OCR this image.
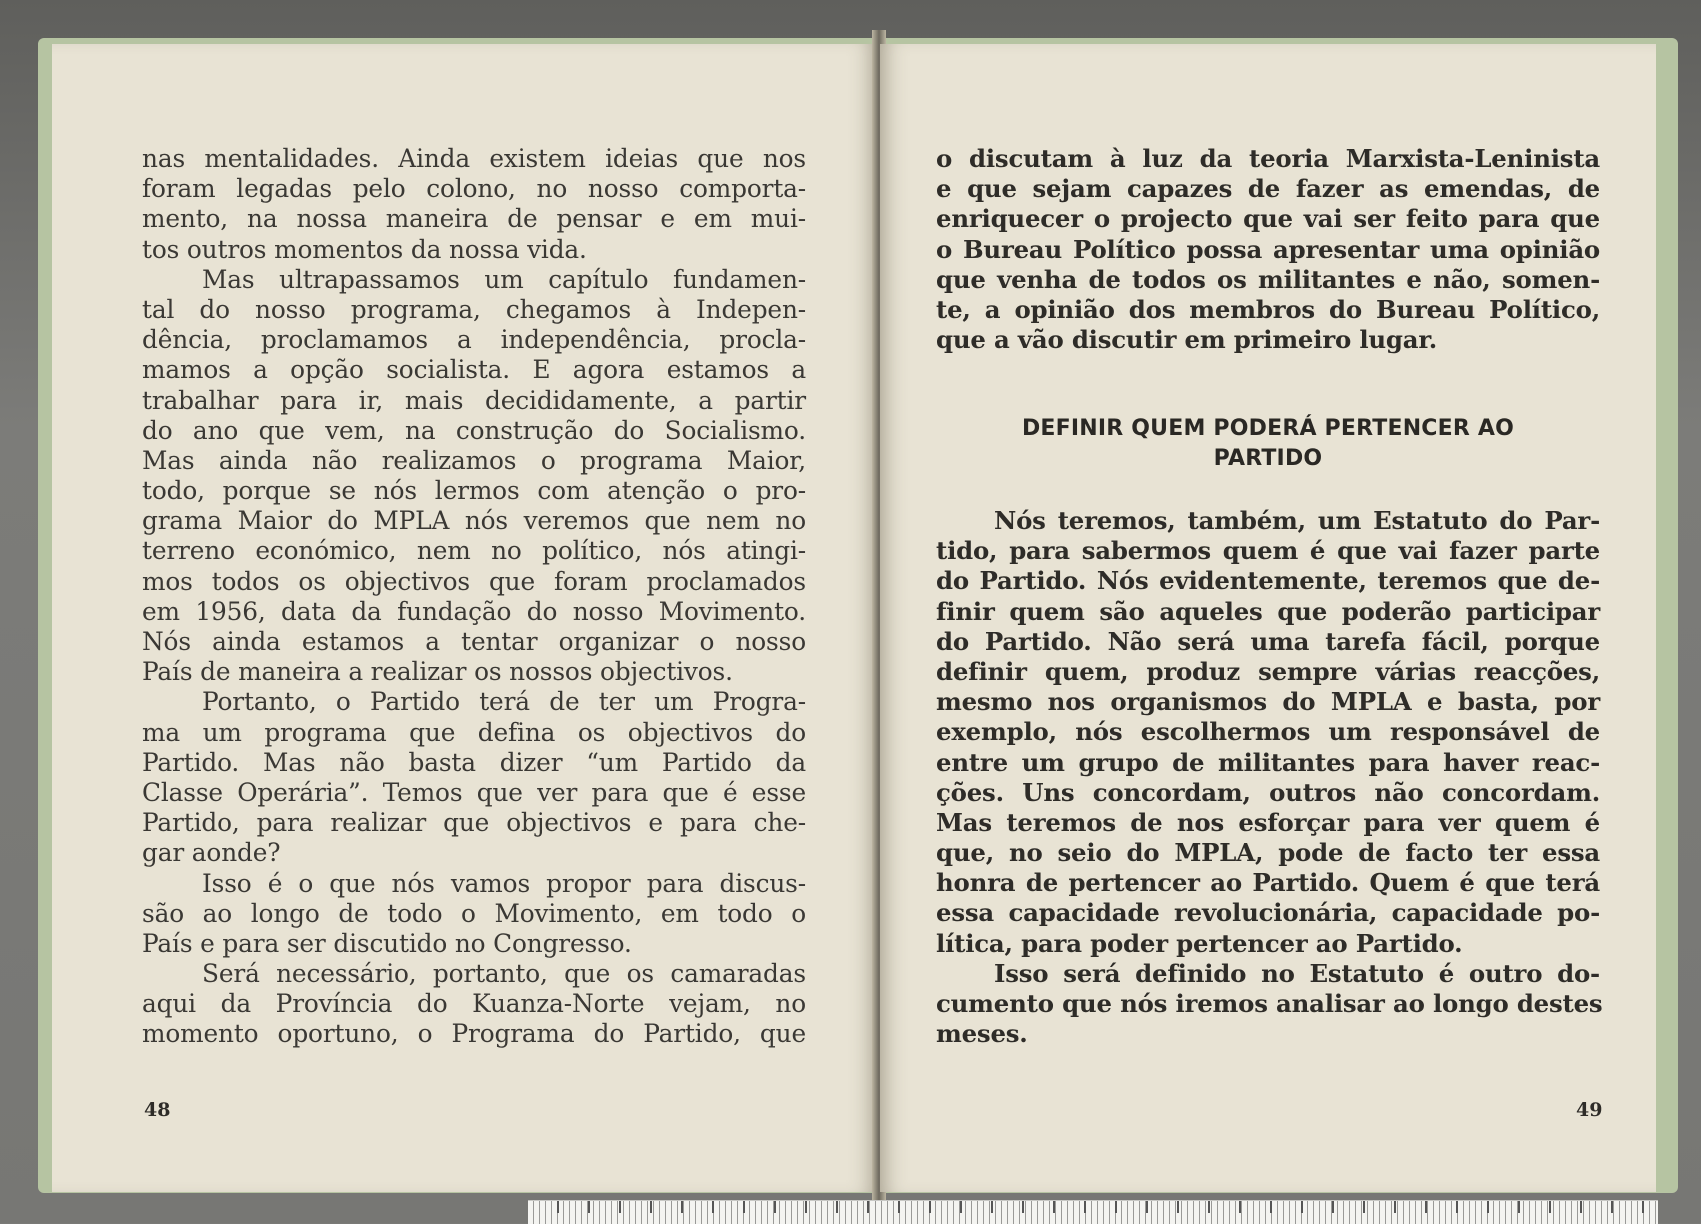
nas mentalidades. Ainda existem ideias que nos
foram legadas pelo colono, no nosso comporta-
mento, na nossa maneira de pensar e em mui-
tos outros momentos da nossa vida.
Mas ultrapassamos um capítulo fundamen-
tal do nosso programa, chegamos à Indepen-
dência, proclamamos a independência, procla-
mamos a opção socialista. E agora estamos a
trabalhar para ir, mais decididamente, a partir
do ano que vem, na construção do Socialismo.
Mas ainda não realizamos o programa Maior,
todo, porque se nós lermos com atenção o pro-
grama Maior do MPLA nós veremos que nem no
terreno económico, nem no político, nós atingi-
mos todos os objectivos que foram proclamados
em 1956, data da fundação do nosso Movimento.
Nós ainda estamos a tentar organizar o nosso
País de maneira a realizar os nossos objectivos.
Portanto, o Partido terá de ter um Progra-
ma um programa que defina os objectivos do
Partido. Mas não basta dizer “um Partido da
Classe Operária”. Temos que ver para que é esse
Partido, para realizar que objectivos e para che-
gar aonde?
Isso é o que nós vamos propor para discus-
são ao longo de todo o Movimento, em todo o
País e para ser discutido no Congresso.
Será necessário, portanto, que os camaradas
aqui da Província do Kuanza-Norte vejam, no
momento oportuno, o Programa do Partido, que
48
o discutam à luz da teoria Marxista-Leninista
e que sejam capazes de fazer as emendas, de
enriquecer o projecto que vai ser feito para que
o Bureau Político possa apresentar uma opinião
que venha de todos os militantes e não, somen-
te, a opinião dos membros do Bureau Político,
que a vão discutir em primeiro lugar.
DEFINIR QUEM PODERÁ PERTENCER AO
PARTIDO
Nós teremos, também, um Estatuto do Par-
tido, para sabermos quem é que vai fazer parte
do Partido. Nós evidentemente, teremos que de-
finir quem são aqueles que poderão participar
do Partido. Não será uma tarefa fácil, porque
definir quem, produz sempre várias reacções,
mesmo nos organismos do MPLA e basta, por
exemplo, nós escolhermos um responsável de
entre um grupo de militantes para haver reac-
ções. Uns concordam, outros não concordam.
Mas teremos de nos esforçar para ver quem é
que, no seio do MPLA, pode de facto ter essa
honra de pertencer ao Partido. Quem é que terá
essa capacidade revolucionária, capacidade po-
lítica, para poder pertencer ao Partido.
Isso será definido no Estatuto é outro do-
cumento que nós iremos analisar ao longo destes
meses.
49
